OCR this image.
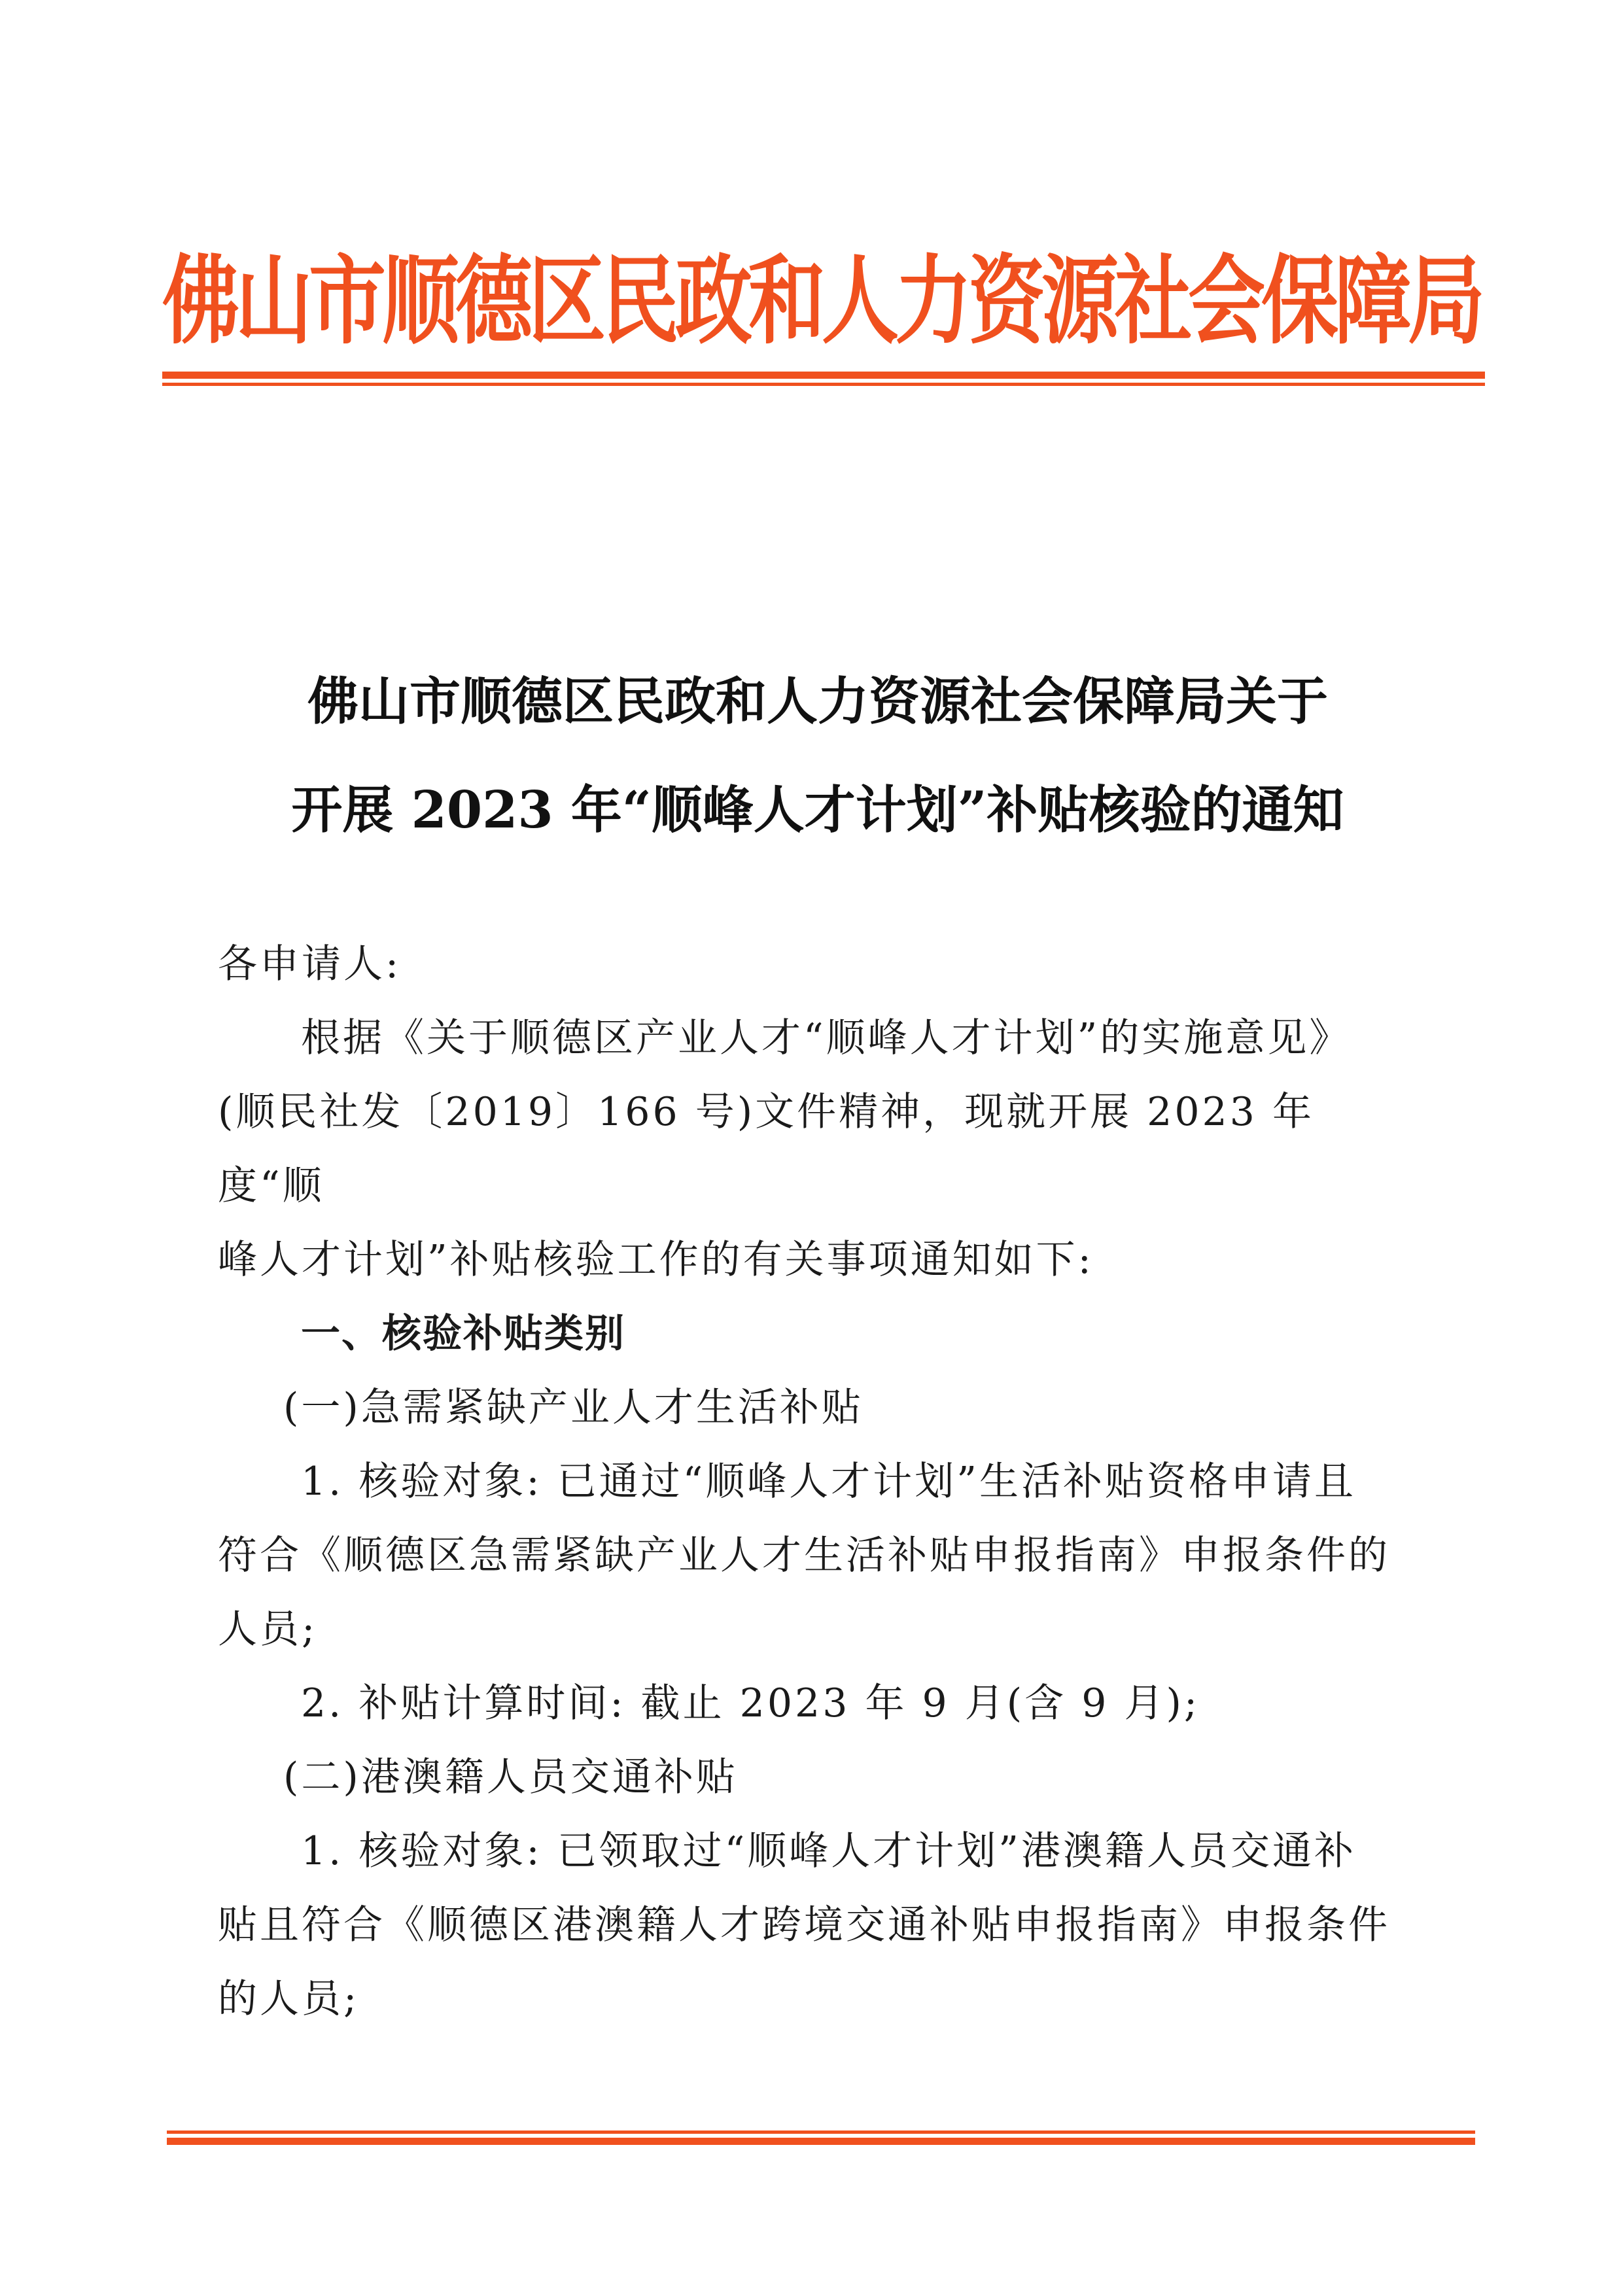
佛山市顺德区民政和人力资源社会保障局
佛山市顺德区民政和人力资源社会保障局关于
开展 2023 年“顺峰人才计划”补贴核验的通知

各申请人:

根据《关于顺德区产业人才“顺峰人才计划”的实施意见》

(顺民社发〔2019〕166 号)文件精神，现就开展 2023 年度“顺

峰人才计划”补贴核验工作的有关事项通知如下:

一、核验补贴类别

(一)急需紧缺产业人才生活补贴

1. 核验对象: 已通过“顺峰人才计划”生活补贴资格申请且

符合《顺德区急需紧缺产业人才生活补贴申报指南》申报条件的

人员;

2. 补贴计算时间: 截止 2023 年 9 月(含 9 月);

(二)港澳籍人员交通补贴

1. 核验对象: 已领取过“顺峰人才计划”港澳籍人员交通补

贴且符合《顺德区港澳籍人才跨境交通补贴申报指南》申报条件

的人员;
